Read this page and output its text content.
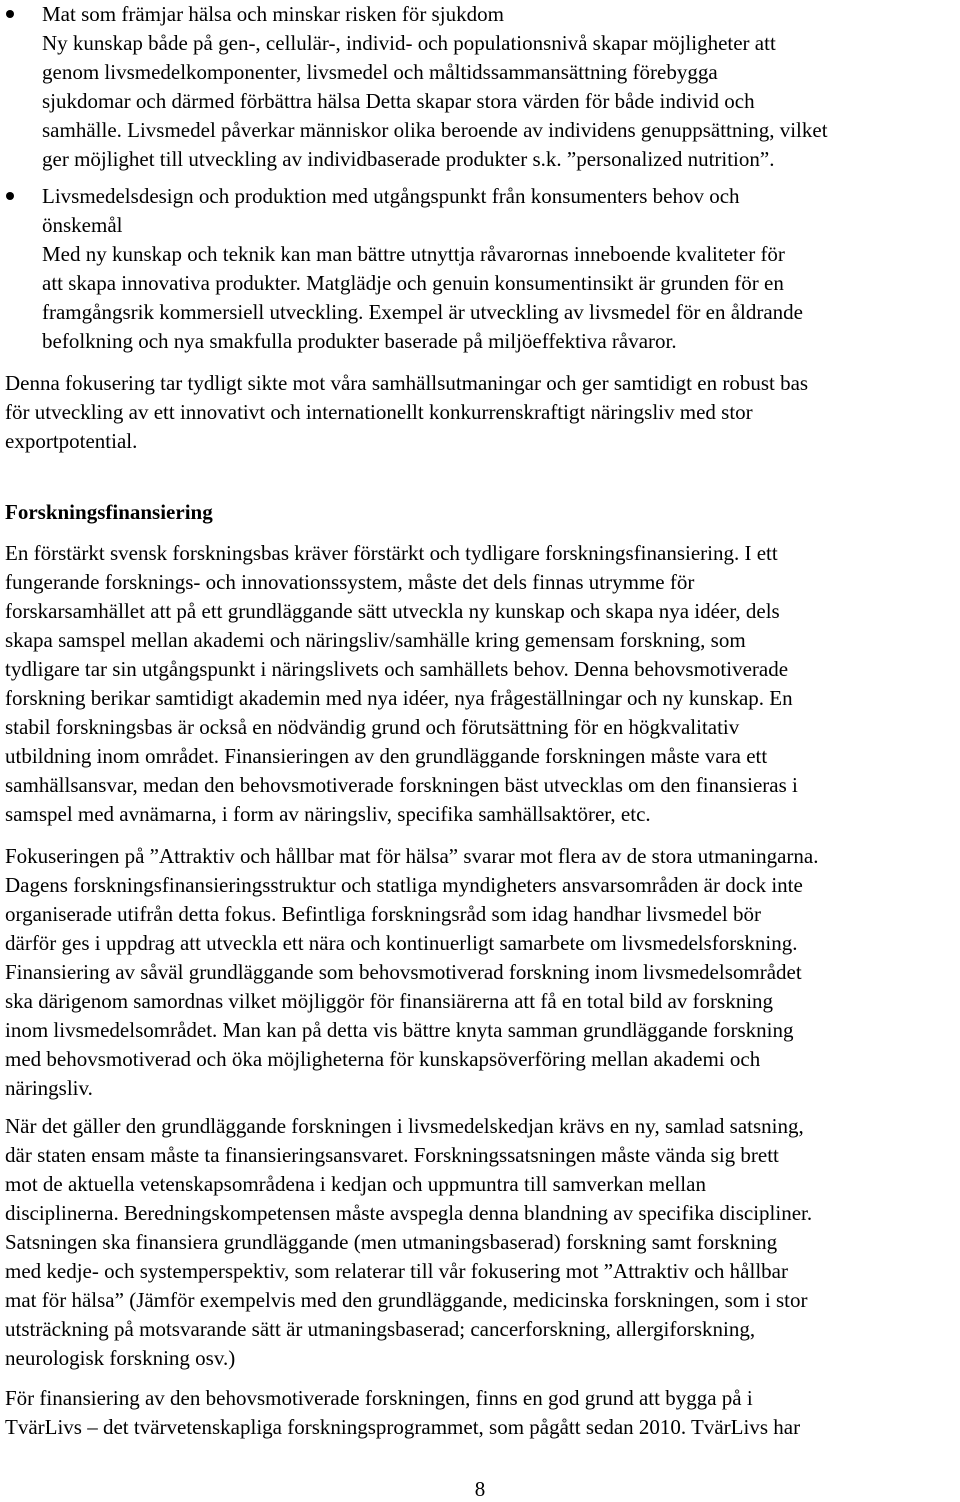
Mat som främjar hälsa och minskar risken för sjukdom
Ny kunskap både på gen-, cellulär-, individ- och populationsnivå skapar möjligheter att
genom livsmedelkomponenter, livsmedel och måltidssammansättning förebygga
sjukdomar och därmed förbättra hälsa Detta skapar stora värden för både individ och
samhälle. Livsmedel påverkar människor olika beroende av individens genuppsättning, vilket
ger möjlighet till utveckling av individbaserade produkter s.k. ”personalized nutrition”.
Livsmedelsdesign och produktion med utgångspunkt från konsumenters behov och
önskemål
Med ny kunskap och teknik kan man bättre utnyttja råvarornas inneboende kvaliteter för
att skapa innovativa produkter. Matglädje och genuin konsumentinsikt är grunden för en
framgångsrik kommersiell utveckling. Exempel är utveckling av livsmedel för en åldrande
befolkning och nya smakfulla produkter baserade på miljöeffektiva råvaror.
Denna fokusering tar tydligt sikte mot våra samhällsutmaningar och ger samtidigt en robust bas
för utveckling av ett innovativt och internationellt konkurrenskraftigt näringsliv med stor
exportpotential.
Forskningsfinansiering
En förstärkt svensk forskningsbas kräver förstärkt och tydligare forskningsfinansiering. I ett
fungerande forsknings- och innovationssystem, måste det dels finnas utrymme för
forskarsamhället att på ett grundläggande sätt utveckla ny kunskap och skapa nya idéer, dels
skapa samspel mellan akademi och näringsliv/samhälle kring gemensam forskning, som
tydligare tar sin utgångspunkt i näringslivets och samhällets behov. Denna behovsmotiverade
forskning berikar samtidigt akademin med nya idéer, nya frågeställningar och ny kunskap. En
stabil forskningsbas är också en nödvändig grund och förutsättning för en högkvalitativ
utbildning inom området. Finansieringen av den grundläggande forskningen måste vara ett
samhällsansvar, medan den behovsmotiverade forskningen bäst utvecklas om den finansieras i
samspel med avnämarna, i form av näringsliv, specifika samhällsaktörer, etc.
Fokuseringen på ”Attraktiv och hållbar mat för hälsa” svarar mot flera av de stora utmaningarna.
Dagens forskningsfinansieringsstruktur och statliga myndigheters ansvarsområden är dock inte
organiserade utifrån detta fokus. Befintliga forskningsråd som idag handhar livsmedel bör
därför ges i uppdrag att utveckla ett nära och kontinuerligt samarbete om livsmedelsforskning.
Finansiering av såväl grundläggande som behovsmotiverad forskning inom livsmedelsområdet
ska därigenom samordnas vilket möjliggör för finansiärerna att få en total bild av forskning
inom livsmedelsområdet. Man kan på detta vis bättre knyta samman grundläggande forskning
med behovsmotiverad och öka möjligheterna för kunskapsöverföring mellan akademi och
näringsliv.
När det gäller den grundläggande forskningen i livsmedelskedjan krävs en ny, samlad satsning,
där staten ensam måste ta finansieringsansvaret. Forskningssatsningen måste vända sig brett
mot de aktuella vetenskapsområdena i kedjan och uppmuntra till samverkan mellan
disciplinerna. Beredningskompetensen måste avspegla denna blandning av specifika discipliner.
Satsningen ska finansiera grundläggande (men utmaningsbaserad) forskning samt forskning
med kedje- och systemperspektiv, som relaterar till vår fokusering mot ”Attraktiv och hållbar
mat för hälsa” (Jämför exempelvis med den grundläggande, medicinska forskningen, som i stor
utsträckning på motsvarande sätt är utmaningsbaserad; cancerforskning, allergiforskning,
neurologisk forskning osv.)
För finansiering av den behovsmotiverade forskningen, finns en god grund att bygga på i
TvärLivs – det tvärvetenskapliga forskningsprogrammet, som pågått sedan 2010. TvärLivs har
8
